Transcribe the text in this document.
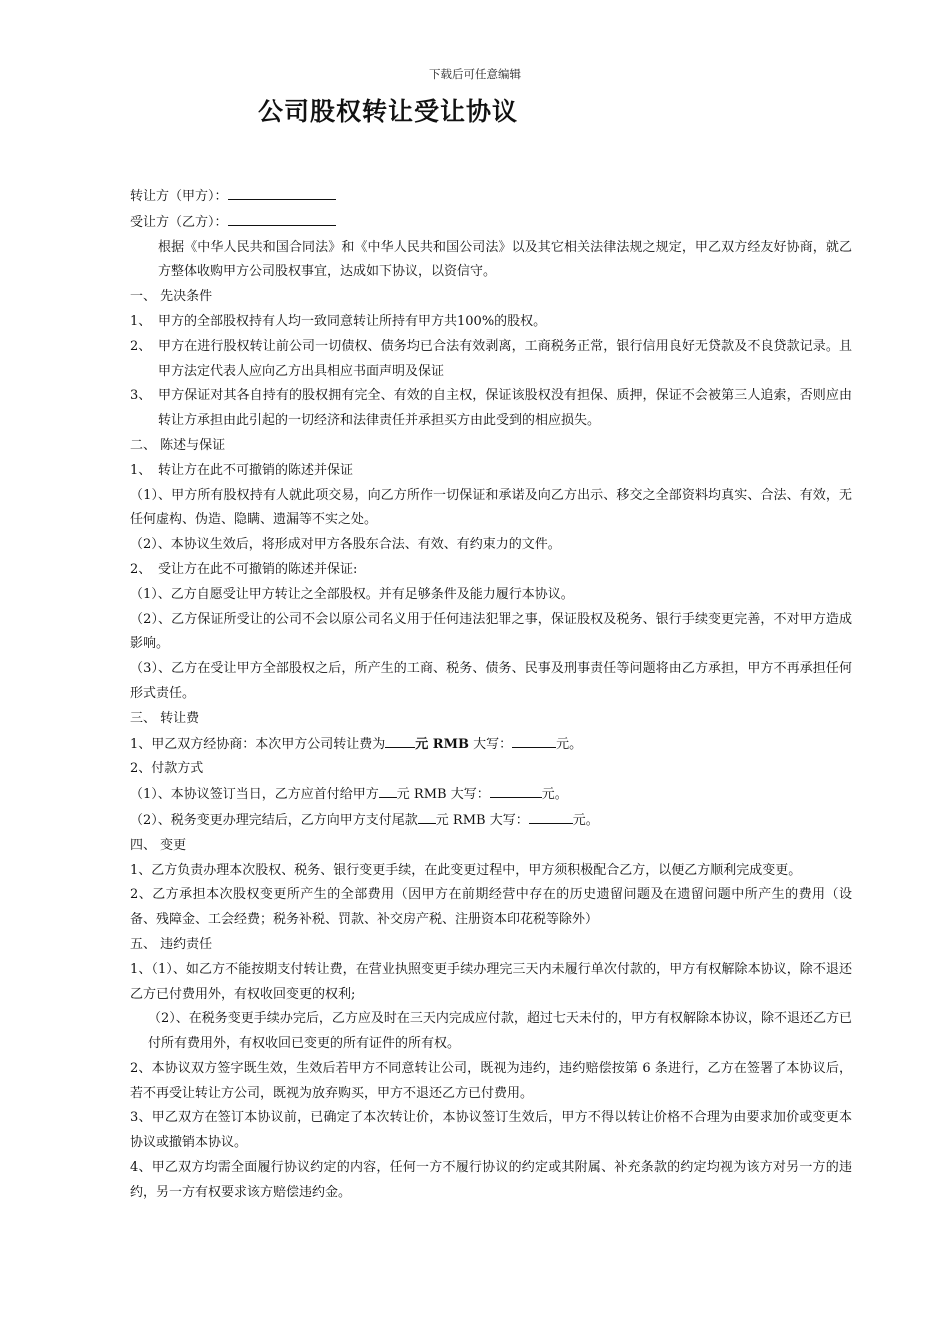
下载后可任意编辑
公司股权转让受让协议
转让方（甲方）：
受让方（乙方）：
根据《中华人民共和国合同法》和《中华人民共和国公司法》以及其它相关法律法规之规定，甲乙双方经友好协商，就乙方整体收购甲方公司股权事宜，达成如下协议，以资信守。
一、 先决条件
1、 甲方的全部股权持有人均一致同意转让所持有甲方共100%的股权。
2、 甲方在进行股权转让前公司一切债权、债务均已合法有效剥离，工商税务正常，银行信用良好无贷款及不良贷款记录。且甲方法定代表人应向乙方出具相应书面声明及保证
3、 甲方保证对其各自持有的股权拥有完全、有效的自主权，保证该股权没有担保、质押，保证不会被第三人追索，否则应由转让方承担由此引起的一切经济和法律责任并承担买方由此受到的相应损失。
二、 陈述与保证
1、 转让方在此不可撤销的陈述并保证
（1）、甲方所有股权持有人就此项交易，向乙方所作一切保证和承诺及向乙方出示、移交之全部资料均真实、合法、有效，无任何虚构、伪造、隐瞒、遗漏等不实之处。
（2）、本协议生效后，将形成对甲方各股东合法、有效、有约束力的文件。
2、 受让方在此不可撤销的陈述并保证:
（1）、乙方自愿受让甲方转让之全部股权。并有足够条件及能力履行本协议。
（2）、乙方保证所受让的公司不会以原公司名义用于任何违法犯罪之事，保证股权及税务、银行手续变更完善，不对甲方造成影响。
（3）、乙方在受让甲方全部股权之后，所产生的工商、税务、债务、民事及刑事责任等问题将由乙方承担，甲方不再承担任何形式责任。
三、 转让费
1、甲乙双方经协商：本次甲方公司转让费为 元 RMB 大写：	元。
2、付款方式
（1）、本协议签订当日，乙方应首付给甲方 元 RMB 大写：	元。
（2）、税务变更办理完结后，乙方向甲方支付尾款 元 RMB 大写：	元。
四、 变更
1、乙方负责办理本次股权、税务、银行变更手续，在此变更过程中，甲方须积极配合乙方，以便乙方顺利完成变更。
2、乙方承担本次股权变更所产生的全部费用（因甲方在前期经营中存在的历史遗留问题及在遗留问题中所产生的费用（设备、残障金、工会经费；税务补税、罚款、补交房产税、注册资本印花税等除外）
五、 违约责任
1、（1）、如乙方不能按期支付转让费，在营业执照变更手续办理完三天内未履行单次付款的，甲方有权解除本协议，除不退还乙方已付费用外，有权收回变更的权利;
（2）、在税务变更手续办完后，乙方应及时在三天内完成应付款，超过七天未付的，甲方有权解除本协议，除不退还乙方已付所有费用外，有权收回已变更的所有证件的所有权。
2、本协议双方签字既生效，生效后若甲方不同意转让公司，既视为违约，违约赔偿按第 6 条进行，乙方在签署了本协议后，若不再受让转让方公司，既视为放弃购买，甲方不退还乙方已付费用。
3、甲乙双方在签订本协议前，已确定了本次转让价，本协议签订生效后，甲方不得以转让价格不合理为由要求加价或变更本协议或撤销本协议。
4、甲乙双方均需全面履行协议约定的内容，任何一方不履行协议的约定或其附属、补充条款的约定均视为该方对另一方的违约，另一方有权要求该方赔偿违约金。
